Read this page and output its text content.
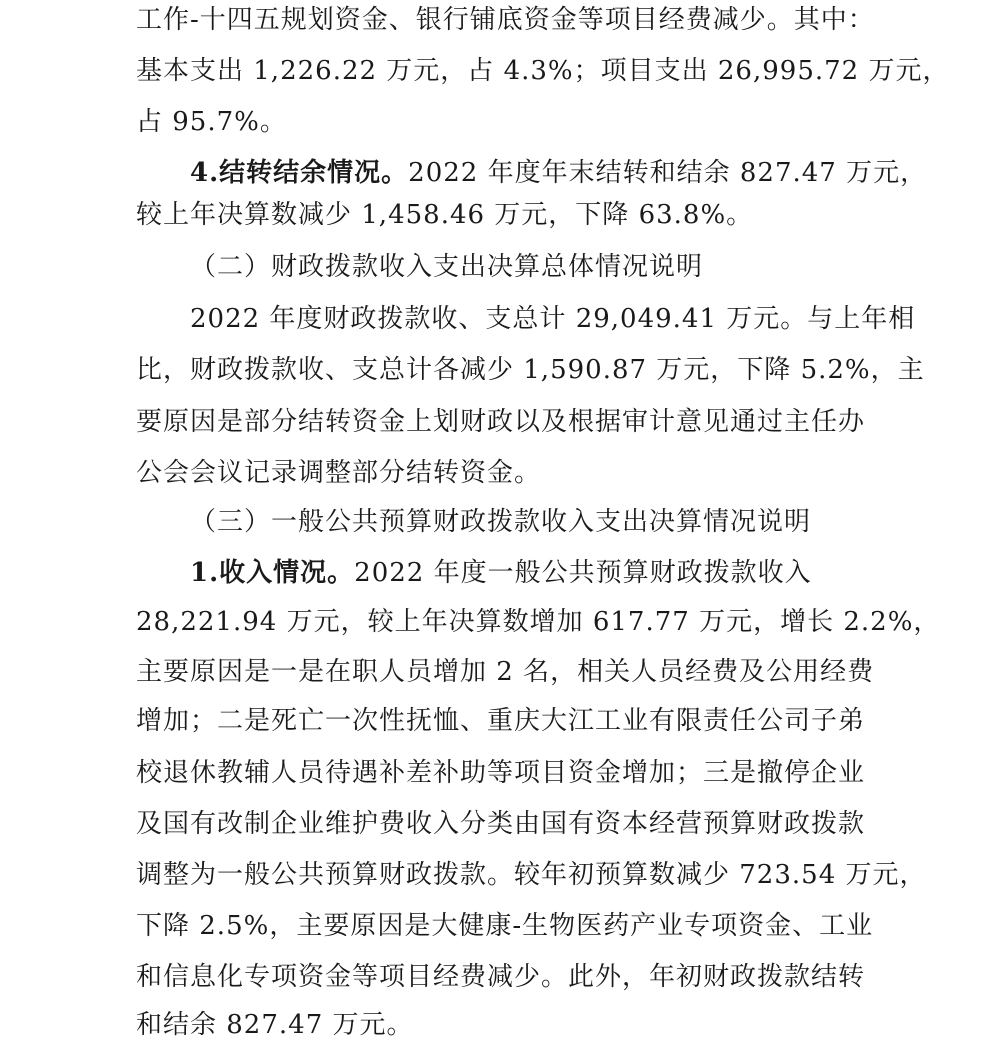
工作-十四五规划资金、银行铺底资金等项目经费减少。其中：
基本支出 1,226.22 万元，占 4.3%；项目支出 26,995.72 万元，
占 95.7%。
4.结转结余情况。2022 年度年末结转和结余 827.47 万元，
较上年决算数减少 1,458.46 万元，下降 63.8%。
（二）财政拨款收入支出决算总体情况说明
2022 年度财政拨款收、支总计 29,049.41 万元。与上年相
比，财政拨款收、支总计各减少 1,590.87 万元，下降 5.2%，主
要原因是部分结转资金上划财政以及根据审计意见通过主任办
公会会议记录调整部分结转资金。
（三）一般公共预算财政拨款收入支出决算情况说明
1.收入情况。2022 年度一般公共预算财政拨款收入
28,221.94 万元，较上年决算数增加 617.77 万元，增长 2.2%，
主要原因是一是在职人员增加 2 名，相关人员经费及公用经费
增加；二是死亡一次性抚恤、重庆大江工业有限责任公司子弟
校退休教辅人员待遇补差补助等项目资金增加；三是撤停企业
及国有改制企业维护费收入分类由国有资本经营预算财政拨款
调整为一般公共预算财政拨款。较年初预算数减少 723.54 万元，
下降 2.5%，主要原因是大健康-生物医药产业专项资金、工业
和信息化专项资金等项目经费减少。此外，年初财政拨款结转
和结余 827.47 万元。
